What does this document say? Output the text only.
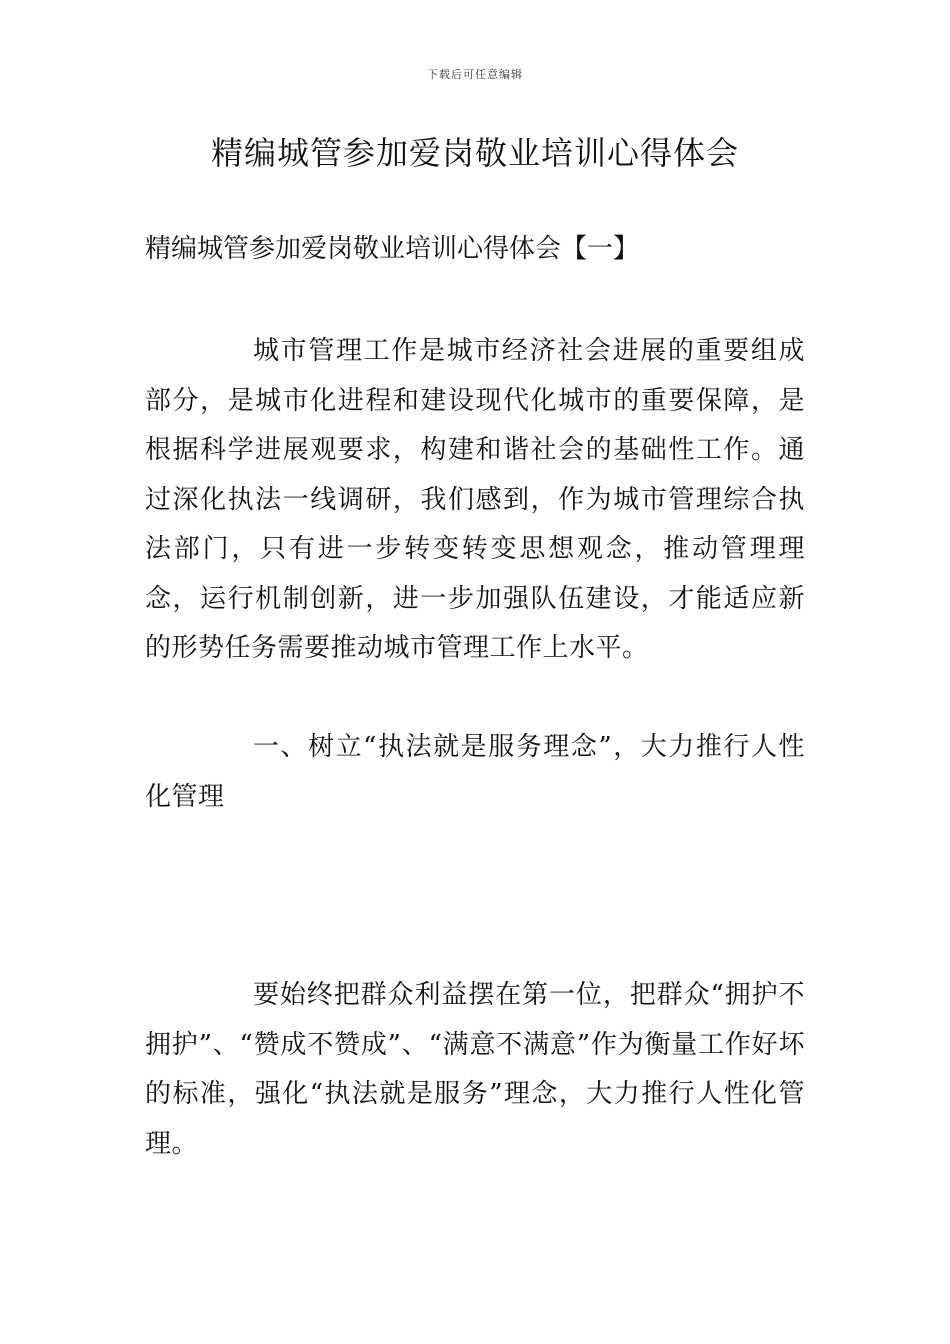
下载后可任意编辑
精编城管参加爱岗敬业培训心得体会
精编城管参加爱岗敬业培训心得体会【一】

城市管理工作是城市经济社会进展的重要组成部分，是城市化进程和建设现代化城市的重要保障，是根据科学进展观要求，构建和谐社会的基础性工作。通过深化执法一线调研，我们感到，作为城市管理综合执法部门，只有进一步转变转变思想观念，推动管理理念，运行机制创新，进一步加强队伍建设，才能适应新的形势任务需要推动城市管理工作上水平。

一、树立“执法就是服务理念”，大力推行人性化管理

要始终把群众利益摆在第一位，把群众“拥护不拥护”、“赞成不赞成”、“满意不满意”作为衡量工作好坏的标准，强化“执法就是服务”理念，大力推行人性化管理。
